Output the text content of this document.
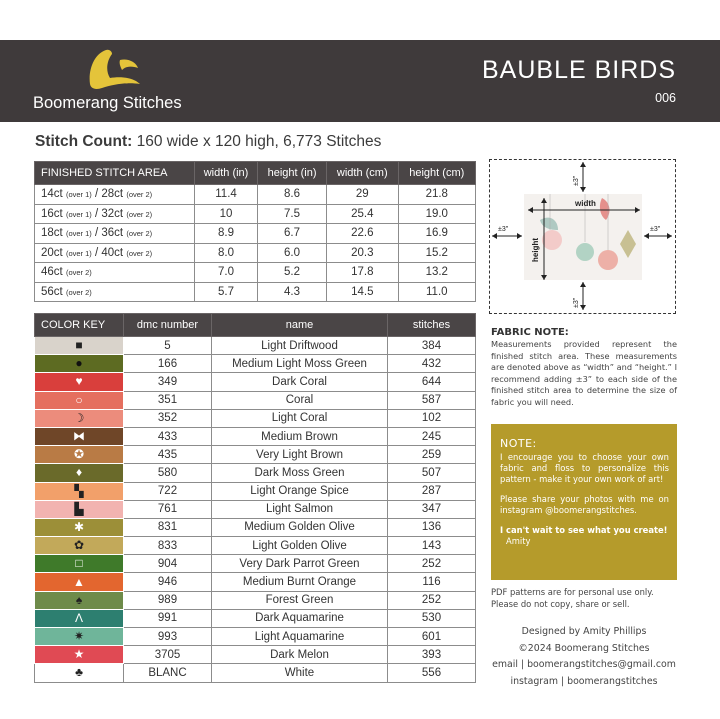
Boomerang Stitches
BAUBLE BIRDS
006
Stitch Count: 160 wide x 120 high, 6,773 Stitches
FINISHED STITCH AREA	width (in)	height (in)	width (cm)	height (cm)
14ct (over 1) / 28ct (over 2)	11.4	8.6	29	21.8
16ct (over 1) / 32ct (over 2)	10	7.5	25.4	19.0
18ct (over 1) / 36ct (over 2)	8.9	6.7	22.6	16.9
20ct (over 1) / 40ct (over 2)	8.0	6.0	20.3	15.2
46ct (over 2)	7.0	5.2	17.8	13.2
56ct (over 2)	5.7	4.3	14.5	11.0
COLOR KEY	dmc number	name	stitches
■	5	Light Driftwood	384
●	166	Medium Light Moss Green	432
♥	349	Dark Coral	644
○	351	Coral	587
☽	352	Light Coral	102
⧓	433	Medium Brown	245
✪	435	Very Light Brown	259
♦	580	Dark Moss Green	507
▚	722	Light Orange Spice	287
▙	761	Light Salmon	347
✱	831	Medium Golden Olive	136
✿	833	Light Golden Olive	143
□	904	Very Dark Parrot Green	252
▲	946	Medium Burnt Orange	116
♠	989	Forest Green	252
Λ	991	Dark Aquamarine	530
✷	993	Light Aquamarine	601
★	3705	Dark Melon	393
♣	BLANC	White	556
width
height
±3"
±3"
±3"	±3"
FABRIC NOTE:
Measurements provided represent the finished stitch area. These measurements are denoted above as “width” and “height.” I recommend adding ±3” to each side of the finished stitch area to determine the size of fabric you will need.
NOTE:

I encourage you to choose your own fabric and floss to personalize this pattern - make it your own work of art!

Please share your photos with me on instagram @boomerangstitches.

I can't wait to see what you create!

Amity
PDF patterns are for personal use only.
Please do not copy, share or sell.
Designed by Amity Phillips
©2024 Boomerang Stitches
email | boomerangstitches@gmail.com
instagram | boomerangstitches
